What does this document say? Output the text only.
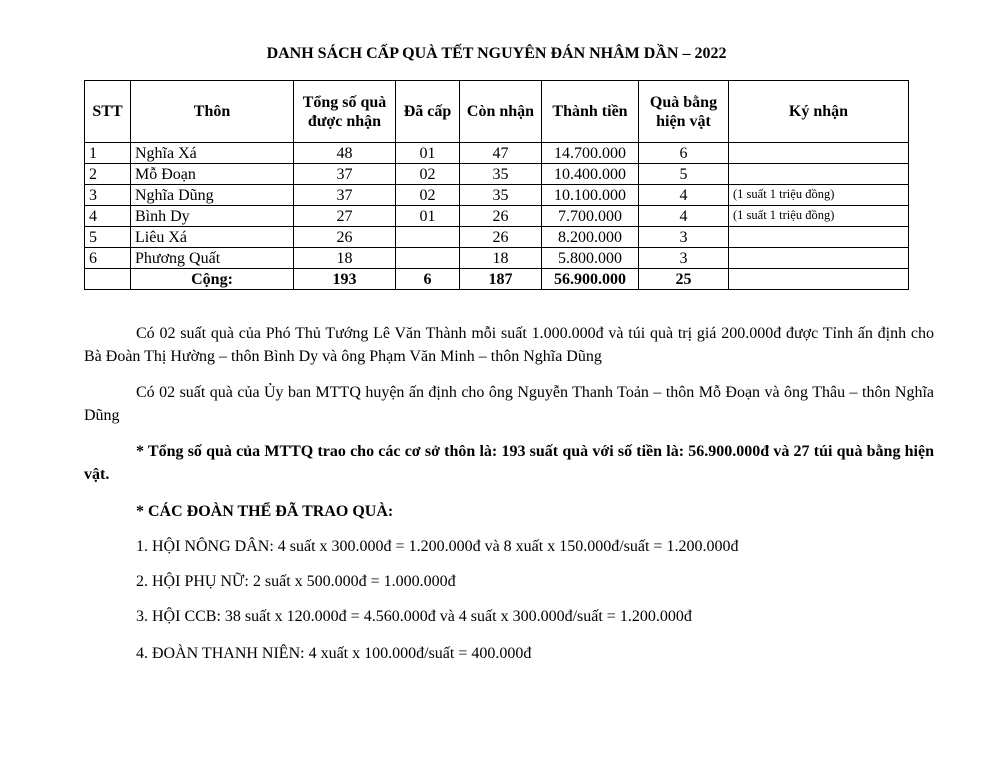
DANH SÁCH CẤP QUÀ TẾT NGUYÊN ĐÁN NHÂM DẦN – 2022
STT	Thôn	Tổng số quà được nhận	Đã cấp	Còn nhận	Thành tiền	Quà bằng hiện vật	Ký nhận
1	Nghĩa Xá	48	01	47	14.700.000	6	
2	Mỗ Đoạn	37	02	35	10.400.000	5	
3	Nghĩa Dũng	37	02	35	10.100.000	4	(1 suất 1 triệu đồng)
4	Bình Dy	27	01	26	7.700.000	4	(1 suất 1 triệu đồng)
5	Liêu Xá	26		26	8.200.000	3	
6	Phương Quất	18		18	5.800.000	3	
	Cộng:	193	6	187	56.900.000	25	
Có 02 suất quà của Phó Thủ Tướng Lê Văn Thành mỗi suất 1.000.000đ và túi quà trị giá 200.000đ được Tỉnh ấn định cho Bà Đoàn Thị Hường – thôn Bình Dy và ông Phạm Văn Minh – thôn Nghĩa Dũng
Có 02 suất quà của Ủy ban MTTQ huyện ấn định cho ông Nguyễn Thanh Toản – thôn Mỗ Đoạn và ông Thâu – thôn Nghĩa Dũng
* Tổng số quà của MTTQ trao cho các cơ sở thôn là: 193 suất quà với số tiền là: 56.900.000đ và 27 túi quà bằng hiện vật.
* CÁC ĐOÀN THỂ ĐÃ TRAO QUÀ:
1. HỘI NÔNG DÂN: 4 suất x 300.000đ = 1.200.000đ và 8 xuất x 150.000đ/suất = 1.200.000đ
2. HỘI PHỤ NỮ: 2 suất x 500.000đ = 1.000.000đ
3. HỘI CCB: 38 suất x 120.000đ = 4.560.000đ và 4 suất x 300.000đ/suất = 1.200.000đ
4. ĐOÀN THANH NIÊN: 4 xuất x 100.000đ/suất = 400.000đ
